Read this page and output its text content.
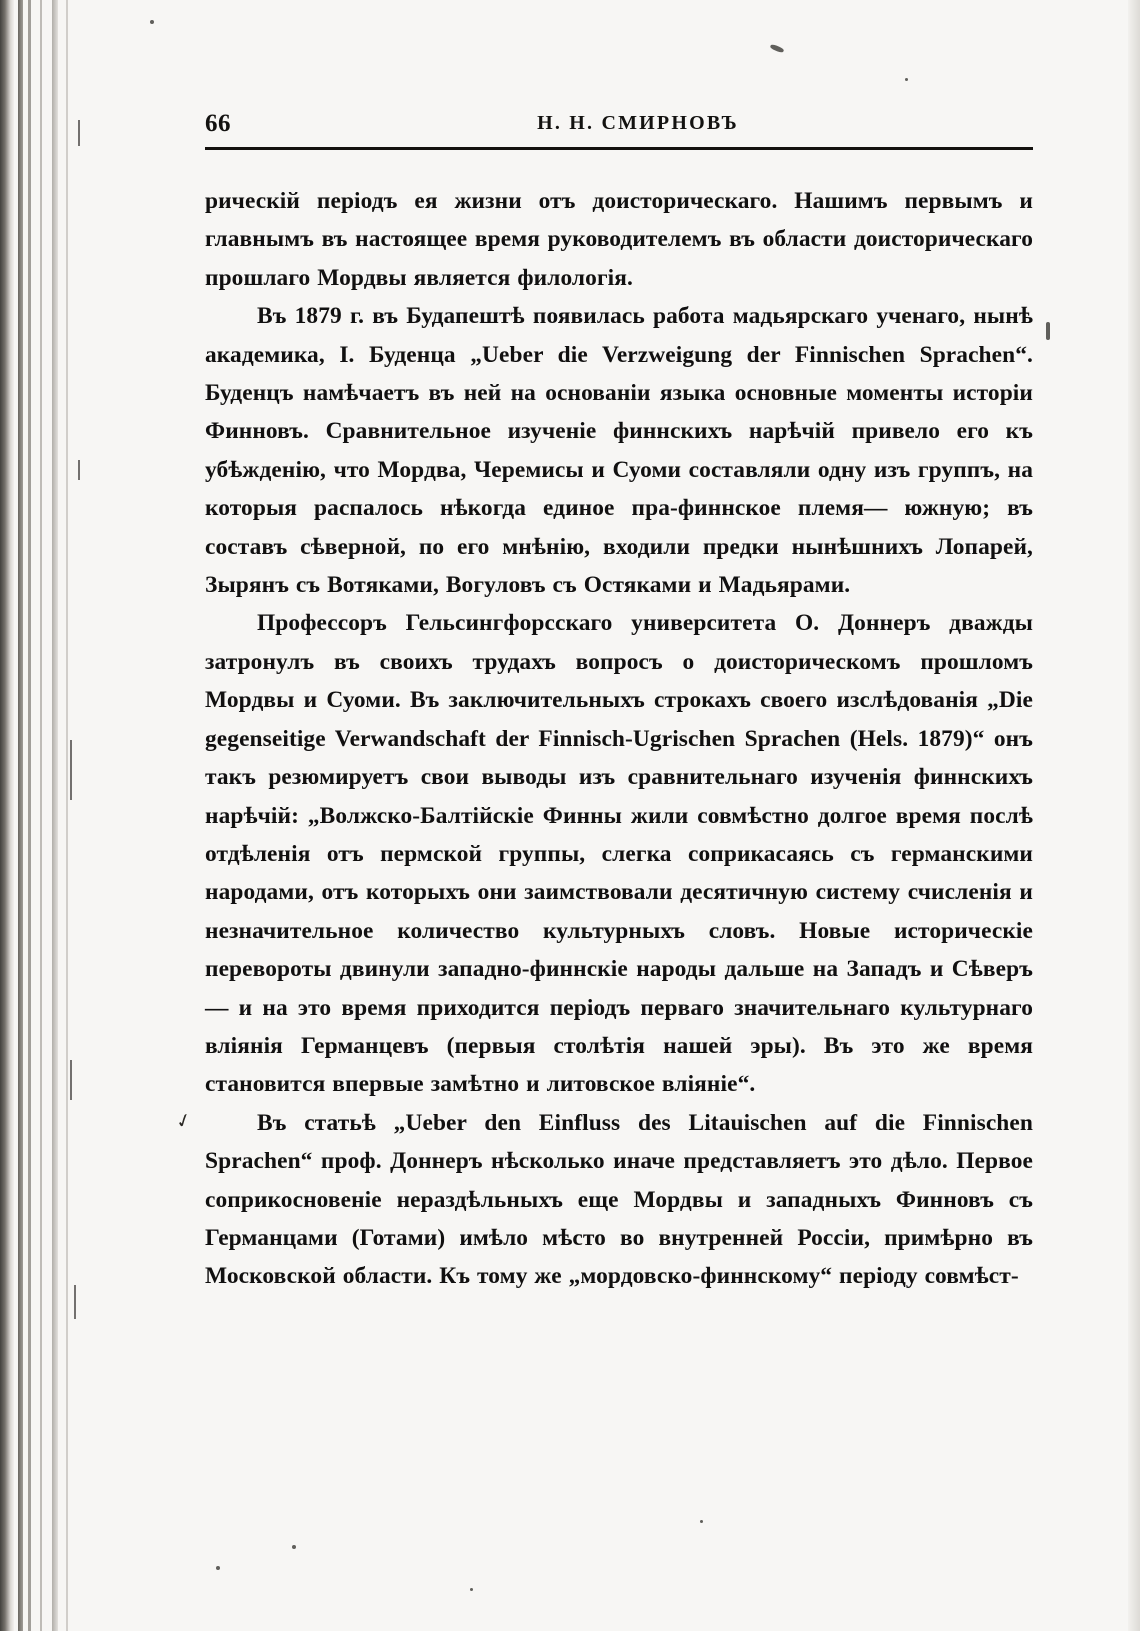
66	Н. Н. СМИРНОВЪ

рическій періодъ ея жизни отъ доисторическаго. Нашимъ первымъ и главнымъ въ настоящее время руководителемъ въ области доисторическаго прошлаго Мордвы является филологія.

Въ 1879 г. въ Будапештѣ появилась работа мадьярскаго ученаго, нынѣ академика, I. Буденца „Ueber die Verzweigung der Finnischen Sprachen“. Буденцъ намѣчаетъ въ ней на основаніи языка основные моменты исторіи Финновъ. Сравнительное изученіе финнскихъ нарѣчій привело его къ убѣжденію, что Мордва, Черемисы и Суоми составляли одну изъ группъ, на которыя распалось нѣкогда единое пра-финнское племя— южную; въ составъ сѣверной, по его мнѣнію, входили предки нынѣшнихъ Лопарей, Зырянъ съ Вотяками, Вогуловъ съ Остяками и Мадьярами.

Профессоръ Гельсингфорсскаго университета О. Доннеръ дважды затронулъ въ своихъ трудахъ вопросъ о доисторическомъ прошломъ Мордвы и Суоми. Въ заключительныхъ строкахъ своего изслѣдованія „Die gegenseitige Verwandschaft der Finnisch-Ugrischen Sprachen (Hels. 1879)“ онъ такъ резюмируетъ свои выводы изъ сравнительнаго изученія финнскихъ нарѣчій: „Волжско-Балтійскіе Финны жили совмѣстно долгое время послѣ отдѣленія отъ пермской группы, слегка соприкасаясь съ германскими народами, отъ которыхъ они заимствовали десятичную систему счисленія и незначительное количество культурныхъ словъ. Новые историческіе перевороты двинули западно-финнскіе народы дальше на Западъ и Сѣверъ— и на это время приходится періодъ перваго значительнаго культурнаго вліянія Германцевъ (первыя столѣтія нашей эры). Въ это же время становится впервые замѣтно и литовское вліяніе“.

Въ статьѣ „Ueber den Einfluss des Litauischen auf die Finnischen Sprachen“ проф. Доннеръ нѣсколько иначе представляетъ это дѣло. Первое соприкосновеніе нераздѣльныхъ еще Мордвы и западныхъ Финновъ съ Германцами (Готами) имѣло мѣсто во внутренней Россіи, примѣрно въ Московской области. Къ тому же „мордовско-финнскому“ періоду совмѣст-

✓
